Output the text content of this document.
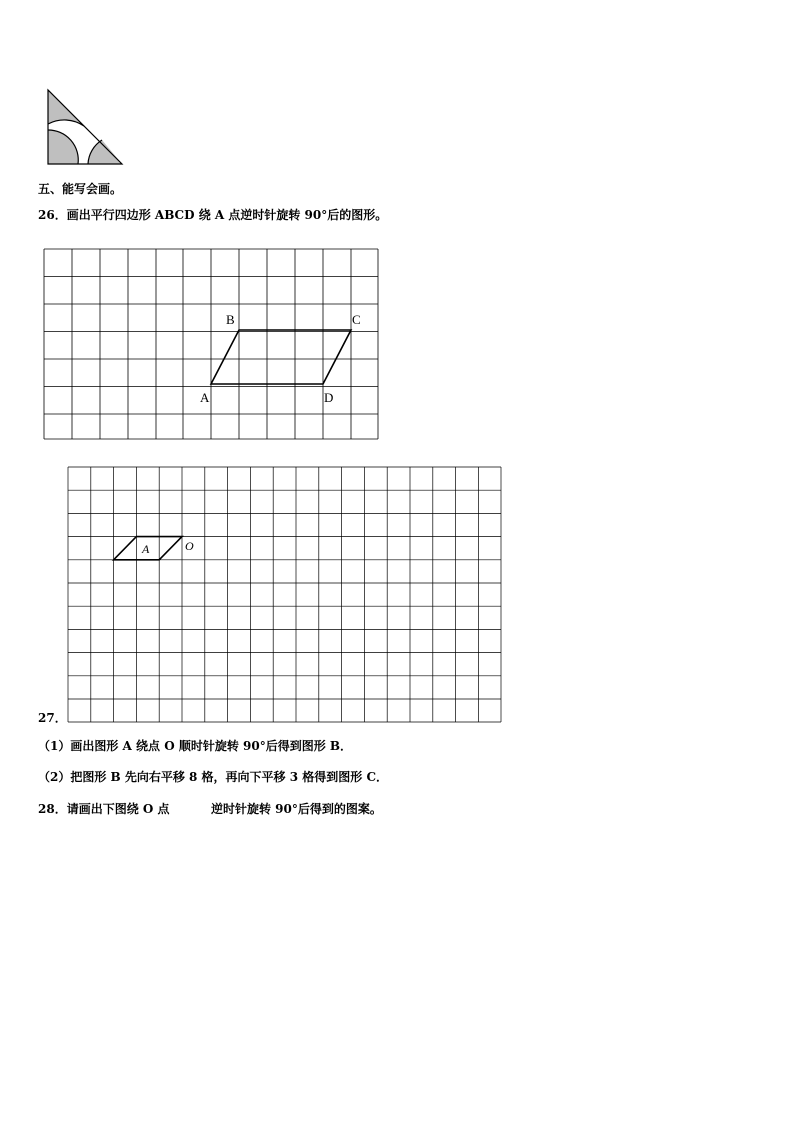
五、能写会画。
26．画出平行四边形 ABCD 绕 A 点逆时针旋转 90°后的图形。
B	C
A	D
27．
A	O
（1）画出图形 A 绕点 O 顺时针旋转 90°后得到图形 B．
（2）把图形 B 先向右平移 8 格，再向下平移 3 格得到图形 C．
28．请画出下图绕 O 点	逆时针旋转 90°后得到的图案。
